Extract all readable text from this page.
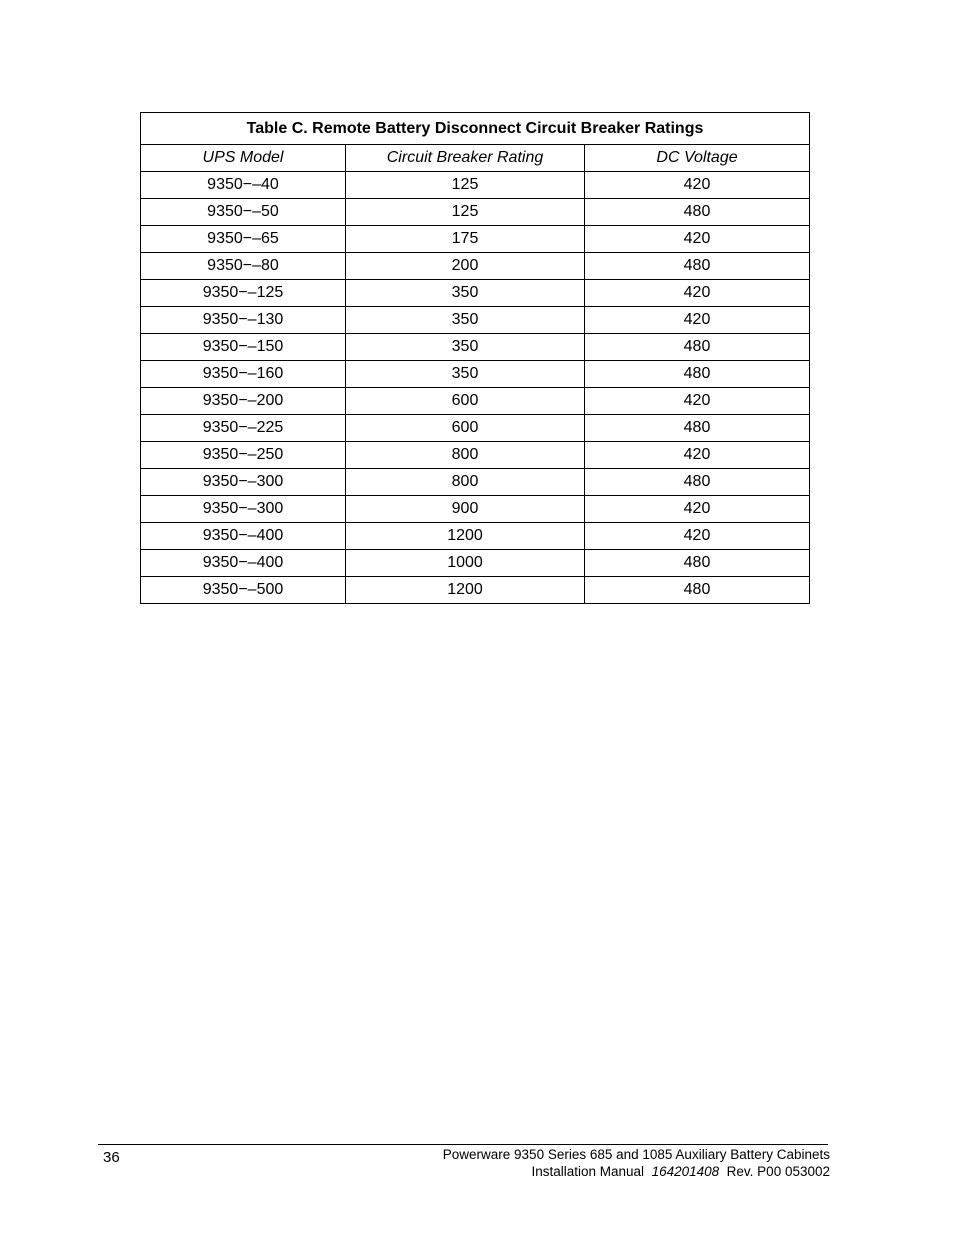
Table C. Remote Battery Disconnect Circuit Breaker Ratings		
UPS Model	Circuit Breaker Rating	DC Voltage
9350−–40	125	420
9350−–50	125	480
9350−–65	175	420
9350−–80	200	480
9350−–125	350	420
9350−–130	350	420
9350−–150	350	480
9350−–160	350	480
9350−–200	600	420
9350−–225	600	480
9350−–250	800	420
9350−–300	800	480
9350−–300	900	420
9350−–400	1200	420
9350−–400	1000	480
9350−–500	1200	480
36	Powerware 9350 Series 685 and 1085 Auxiliary Battery Cabinets
Installation Manual 164201408 Rev. P00 053002
